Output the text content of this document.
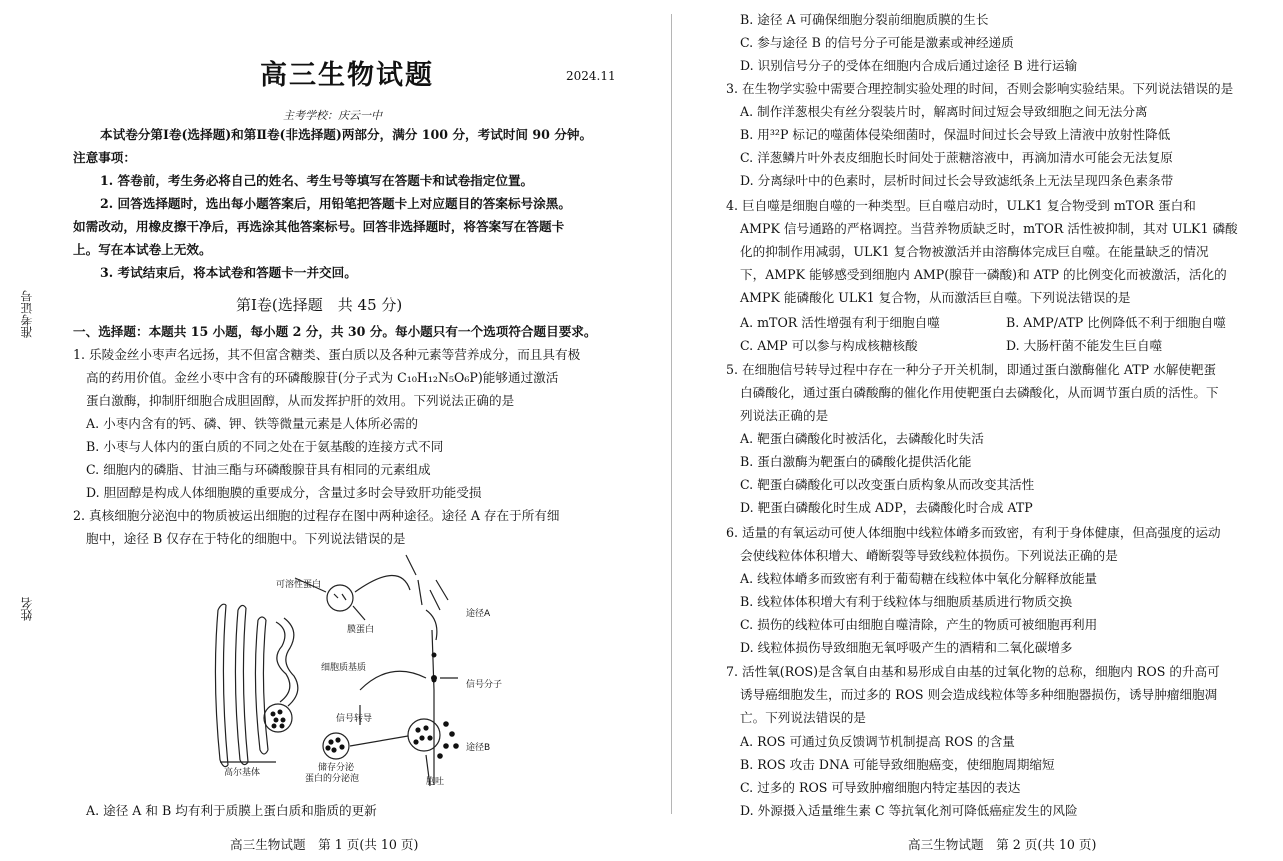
准考证号
姓名
高三生物试题	2024.11
主考学校：庆云一中
本试卷分第Ⅰ卷(选择题)和第Ⅱ卷(非选择题)两部分，满分 100 分，考试时间 90 分钟。
注意事项：
1. 答卷前，考生务必将自己的姓名、考生号等填写在答题卡和试卷指定位置。
2. 回答选择题时，选出每小题答案后，用铅笔把答题卡上对应题目的答案标号涂黑。
如需改动，用橡皮擦干净后，再选涂其他答案标号。回答非选择题时，将答案写在答题卡
上。写在本试卷上无效。
3. 考试结束后，将本试卷和答题卡一并交回。
第Ⅰ卷(选择题　共 45 分)
一、选择题：本题共 15 小题，每小题 2 分，共 30 分。每小题只有一个选项符合题目要求。
1. 乐陵金丝小枣声名远扬，其不但富含糖类、蛋白质以及各种元素等营养成分，而且具有极
高的药用价值。金丝小枣中含有的环磷酸腺苷(分子式为 C₁₀H₁₂N₅O₆P)能够通过激活
蛋白激酶，抑制肝细胞合成胆固醇，从而发挥护肝的效用。下列说法正确的是
A. 小枣内含有的钙、磷、钾、铁等微量元素是人体所必需的
B. 小枣与人体内的蛋白质的不同之处在于氨基酸的连接方式不同
C. 细胞内的磷脂、甘油三酯与环磷酸腺苷具有相同的元素组成
D. 胆固醇是构成人体细胞膜的重要成分，含量过多时会导致肝功能受损
2. 真核细胞分泌泡中的物质被运出细胞的过程存在图中两种途径。途径 A 存在于所有细
胞中，途径 B 仅存在于特化的细胞中。下列说法错误的是
可溶性蛋白
膜蛋白
细胞质基质
途径A
信号分子
信号转导
高尔基体	储存分泌
蛋白的分泌泡
途径B
胞吐
A. 途径 A 和 B 均有利于质膜上蛋白质和脂质的更新
高三生物试题　第 1 页(共 10 页)
B. 途径 A 可确保细胞分裂前细胞质膜的生长
C. 参与途径 B 的信号分子可能是激素或神经递质
D. 识别信号分子的受体在细胞内合成后通过途径 B 进行运输
3. 在生物学实验中需要合理控制实验处理的时间，否则会影响实验结果。下列说法错误的是
A. 制作洋葱根尖有丝分裂装片时，解离时间过短会导致细胞之间无法分离
B. 用³²P 标记的噬菌体侵染细菌时，保温时间过长会导致上清液中放射性降低
C. 洋葱鳞片叶外表皮细胞长时间处于蔗糖溶液中，再滴加清水可能会无法复原
D. 分离绿叶中的色素时，层析时间过长会导致滤纸条上无法呈现四条色素条带
4. 巨自噬是细胞自噬的一种类型。巨自噬启动时，ULK1 复合物受到 mTOR 蛋白和
AMPK 信号通路的严格调控。当营养物质缺乏时，mTOR 活性被抑制，其对 ULK1 磷酸
化的抑制作用减弱，ULK1 复合物被激活并由溶酶体完成巨自噬。在能量缺乏的情况
下，AMPK 能够感受到细胞内 AMP(腺苷一磷酸)和 ATP 的比例变化而被激活，活化的
AMPK 能磷酸化 ULK1 复合物，从而激活巨自噬。下列说法错误的是
A. mTOR 活性增强有利于细胞自噬	B. AMP/ATP 比例降低不利于细胞自噬
C. AMP 可以参与构成核糖核酸	D. 大肠杆菌不能发生巨自噬
5. 在细胞信号转导过程中存在一种分子开关机制，即通过蛋白激酶催化 ATP 水解使靶蛋
白磷酸化，通过蛋白磷酸酶的催化作用使靶蛋白去磷酸化，从而调节蛋白质的活性。下
列说法正确的是
A. 靶蛋白磷酸化时被活化，去磷酸化时失活
B. 蛋白激酶为靶蛋白的磷酸化提供活化能
C. 靶蛋白磷酸化可以改变蛋白质构象从而改变其活性
D. 靶蛋白磷酸化时生成 ADP，去磷酸化时合成 ATP
6. 适量的有氧运动可使人体细胞中线粒体嵴多而致密，有利于身体健康，但高强度的运动
会使线粒体体积增大、嵴断裂等导致线粒体损伤。下列说法正确的是
A. 线粒体嵴多而致密有利于葡萄糖在线粒体中氧化分解释放能量
B. 线粒体体积增大有利于线粒体与细胞质基质进行物质交换
C. 损伤的线粒体可由细胞自噬清除，产生的物质可被细胞再利用
D. 线粒体损伤导致细胞无氧呼吸产生的酒精和二氧化碳增多
7. 活性氧(ROS)是含氧自由基和易形成自由基的过氧化物的总称，细胞内 ROS 的升高可
诱导癌细胞发生，而过多的 ROS 则会造成线粒体等多种细胞器损伤，诱导肿瘤细胞凋
亡。下列说法错误的是
A. ROS 可通过负反馈调节机制提高 ROS 的含量
B. ROS 攻击 DNA 可能导致细胞癌变，使细胞周期缩短
C. 过多的 ROS 可导致肿瘤细胞内特定基因的表达
D. 外源摄入适量维生素 C 等抗氧化剂可降低癌症发生的风险
高三生物试题　第 2 页(共 10 页)
